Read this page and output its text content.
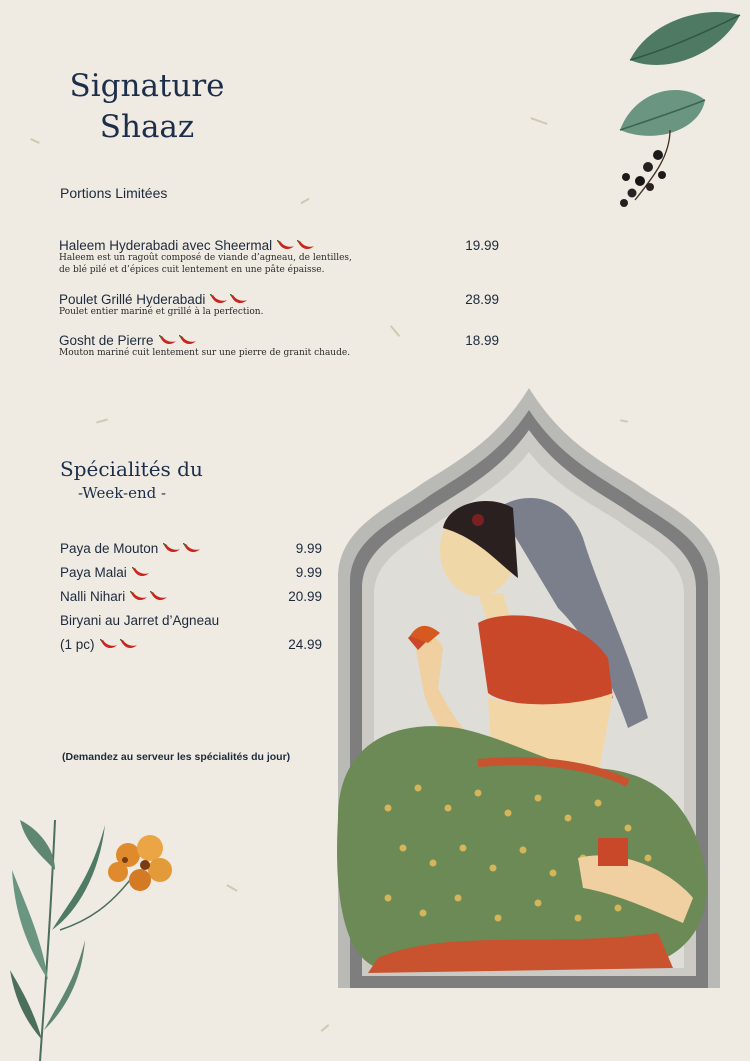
Signature
Shaaz
Portions Limitées
Haleem Hyderabadi avec Sheermal
Haleem est un ragoût composé de viande d’agneau, de lentilles,
de blé pilé et d’épices cuit lentement en une pâte épaisse.
19.99
Poulet Grillé Hyderabadi
Poulet entier mariné et grillé à la perfection.
28.99
Gosht de Pierre
Mouton mariné cuit lentement sur une pierre de granit chaude.
18.99
Spécialités du
-Week-end -
Paya de Mouton	9.99
Paya Malai	9.99
Nalli Nihari	20.99
Biryani au Jarret d’Agneau
(1 pc)	24.99
(Demandez au serveur les spécialités du jour)
